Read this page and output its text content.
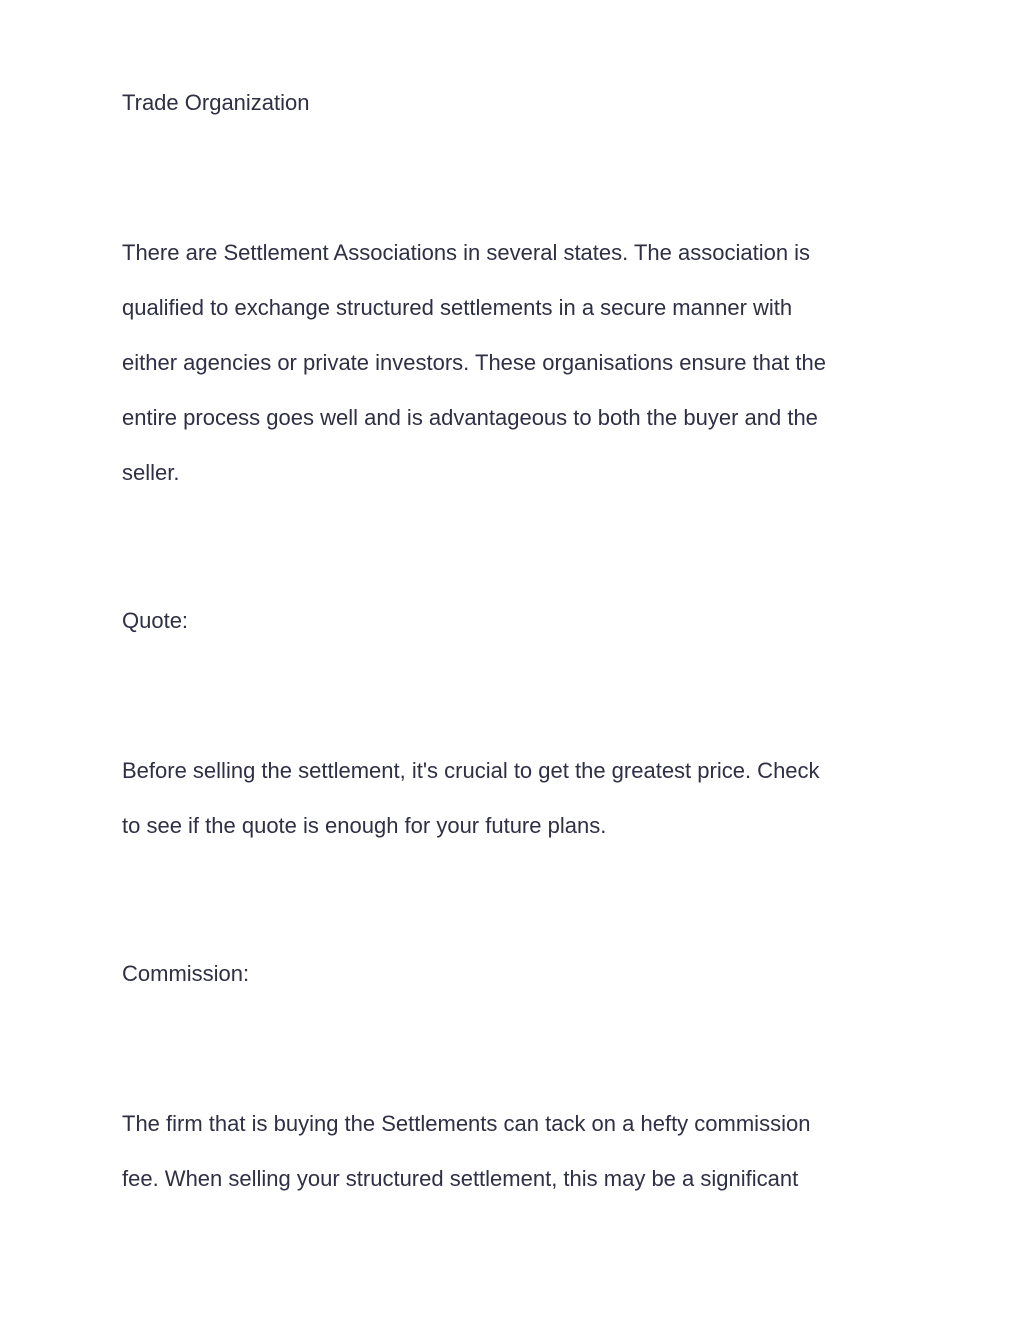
Trade Organization

There are Settlement Associations in several states. The association is

qualified to exchange structured settlements in a secure manner with

either agencies or private investors. These organisations ensure that the

entire process goes well and is advantageous to both the buyer and the

seller.

Quote:

Before selling the settlement, it's crucial to get the greatest price. Check

to see if the quote is enough for your future plans.

Commission:

The firm that is buying the Settlements can tack on a hefty commission

fee. When selling your structured settlement, this may be a significant
